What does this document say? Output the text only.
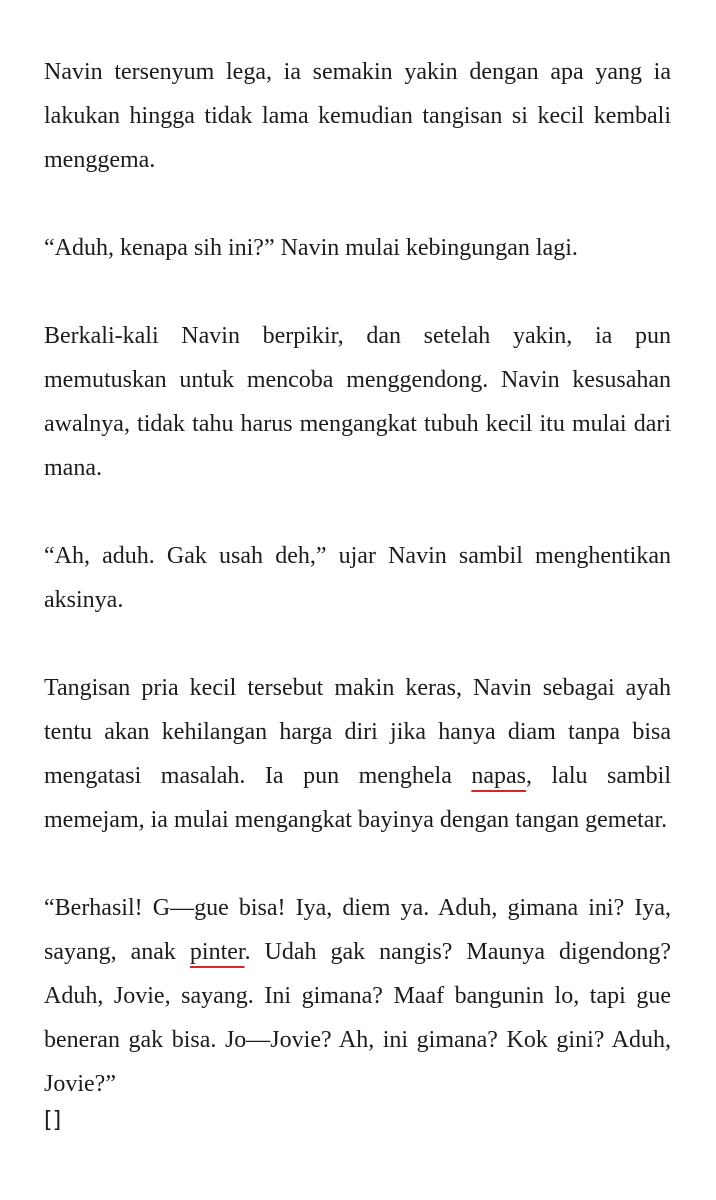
Navin tersenyum lega, ia semakin yakin dengan apa yang ia lakukan hingga tidak lama kemudian tangisan si kecil kembali menggema.

“Aduh, kenapa sih ini?” Navin mulai kebingungan lagi.

Berkali-kali Navin berpikir, dan setelah yakin, ia pun memutuskan untuk mencoba menggendong. Navin kesusahan awalnya, tidak tahu harus mengangkat tubuh kecil itu mulai dari mana.

“Ah, aduh. Gak usah deh,” ujar Navin sambil menghentikan aksinya.

Tangisan pria kecil tersebut makin keras, Navin sebagai ayah tentu akan kehilangan harga diri jika hanya diam tanpa bisa mengatasi masalah. Ia pun menghela napas, lalu sambil memejam, ia mulai mengangkat bayinya dengan tangan gemetar.

“Berhasil! G—gue bisa! Iya, diem ya. Aduh, gimana ini? Iya, sayang, anak pinter. Udah gak nangis? Maunya digendong? Aduh, Jovie, sayang. Ini gimana? Maaf bangunin lo, tapi gue beneran gak bisa. Jo—Jovie? Ah, ini gimana? Kok gini? Aduh, Jovie?”

[]
